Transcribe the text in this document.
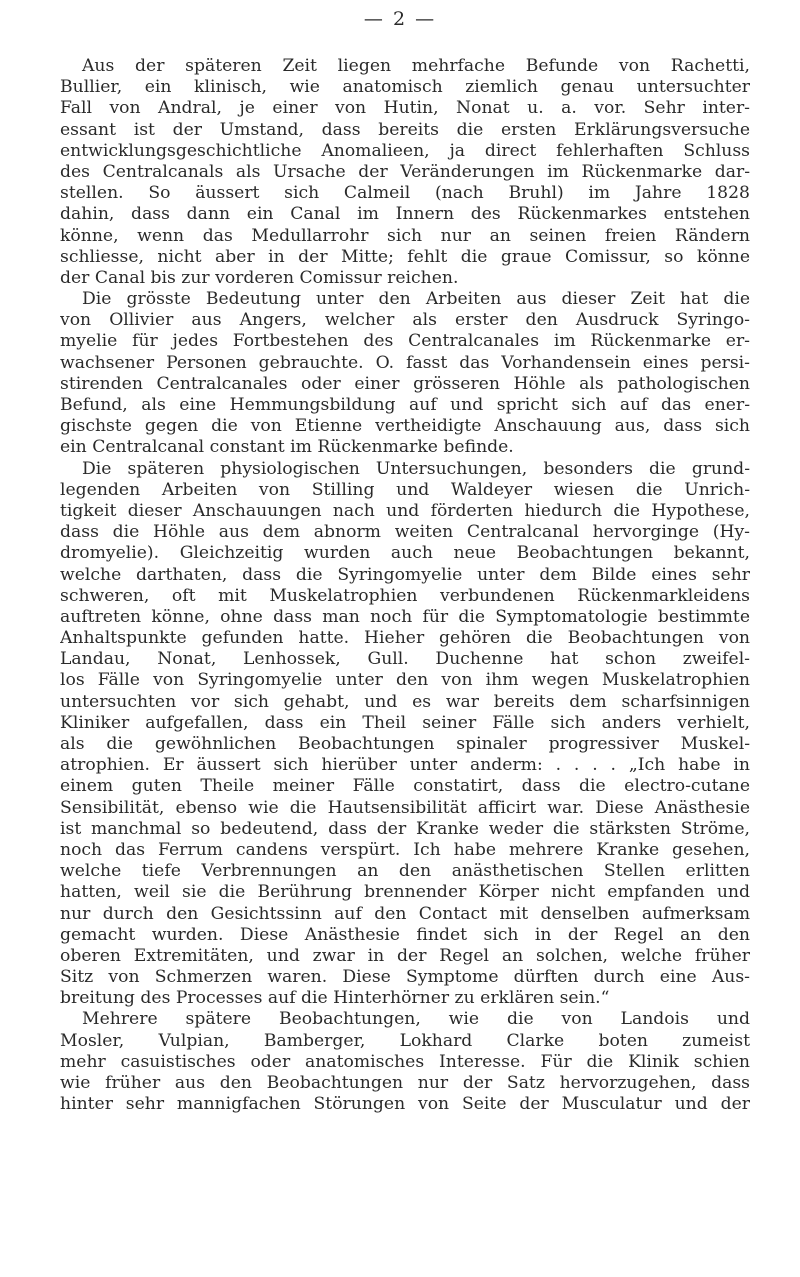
— 2 —
Aus der späteren Zeit liegen mehrfache Befunde von Rachetti,
Bullier, ein klinisch, wie anatomisch ziemlich genau untersuchter
Fall von Andral, je einer von Hutin, Nonat u. a. vor. Sehr inter-
essant ist der Umstand, dass bereits die ersten Erklärungsversuche
entwicklungsgeschichtliche Anomalieen, ja direct fehlerhaften Schluss
des Centralcanals als Ursache der Veränderungen im Rückenmarke dar-
stellen. So äussert sich Calmeil (nach Bruhl) im Jahre 1828
dahin, dass dann ein Canal im Innern des Rückenmarkes entstehen
könne, wenn das Medullarrohr sich nur an seinen freien Rändern
schliesse, nicht aber in der Mitte; fehlt die graue Comissur, so könne
der Canal bis zur vorderen Comissur reichen.
Die grösste Bedeutung unter den Arbeiten aus dieser Zeit hat die
von Ollivier aus Angers, welcher als erster den Ausdruck Syringo-
myelie für jedes Fortbestehen des Centralcanales im Rückenmarke er-
wachsener Personen gebrauchte. O. fasst das Vorhandensein eines persi-
stirenden Centralcanales oder einer grösseren Höhle als pathologischen
Befund, als eine Hemmungsbildung auf und spricht sich auf das ener-
gischste gegen die von Etienne vertheidigte Anschauung aus, dass sich
ein Centralcanal constant im Rückenmarke befinde.
Die späteren physiologischen Untersuchungen, besonders die grund-
legenden Arbeiten von Stilling und Waldeyer wiesen die Unrich-
tigkeit dieser Anschauungen nach und förderten hiedurch die Hypothese,
dass die Höhle aus dem abnorm weiten Centralcanal hervorginge (Hy-
dromyelie). Gleichzeitig wurden auch neue Beobachtungen bekannt,
welche darthaten, dass die Syringomyelie unter dem Bilde eines sehr
schweren, oft mit Muskelatrophien verbundenen Rückenmarkleidens
auftreten könne, ohne dass man noch für die Symptomatologie bestimmte
Anhaltspunkte gefunden hatte. Hieher gehören die Beobachtungen von
Landau, Nonat, Lenhossek, Gull. Duchenne hat schon zweifel-
los Fälle von Syringomyelie unter den von ihm wegen Muskelatrophien
untersuchten vor sich gehabt, und es war bereits dem scharfsinnigen
Kliniker aufgefallen, dass ein Theil seiner Fälle sich anders verhielt,
als die gewöhnlichen Beobachtungen spinaler progressiver Muskel-
atrophien. Er äussert sich hierüber unter anderm: . . . . „Ich habe in
einem guten Theile meiner Fälle constatirt, dass die electro-cutane
Sensibilität, ebenso wie die Hautsensibilität afficirt war. Diese Anästhesie
ist manchmal so bedeutend, dass der Kranke weder die stärksten Ströme,
noch das Ferrum candens verspürt. Ich habe mehrere Kranke gesehen,
welche tiefe Verbrennungen an den anästhetischen Stellen erlitten
hatten, weil sie die Berührung brennender Körper nicht empfanden und
nur durch den Gesichtssinn auf den Contact mit denselben aufmerksam
gemacht wurden. Diese Anästhesie findet sich in der Regel an den
oberen Extremitäten, und zwar in der Regel an solchen, welche früher
Sitz von Schmerzen waren. Diese Symptome dürften durch eine Aus-
breitung des Processes auf die Hinterhörner zu erklären sein.“
Mehrere spätere Beobachtungen, wie die von Landois und
Mosler, Vulpian, Bamberger, Lokhard Clarke boten zumeist
mehr casuistisches oder anatomisches Interesse. Für die Klinik schien
wie früher aus den Beobachtungen nur der Satz hervorzugehen, dass
hinter sehr mannigfachen Störungen von Seite der Musculatur und der
